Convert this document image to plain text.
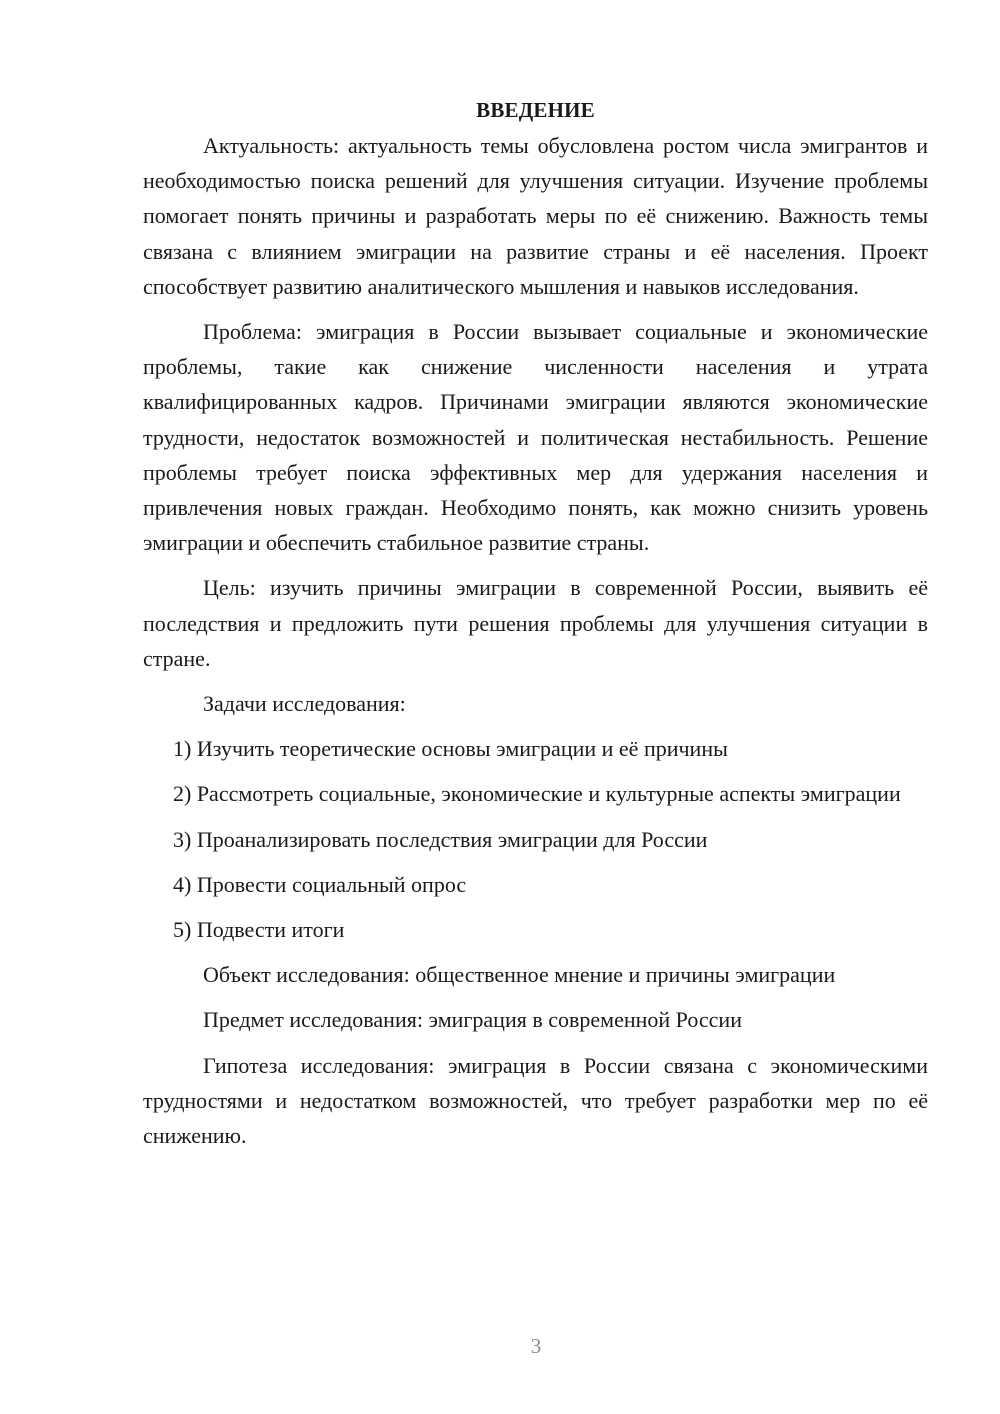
ВВЕДЕНИЕ

Актуальность: актуальность темы обусловлена ростом числа эмигрантов и необходимостью поиска решений для улучшения ситуации. Изучение проблемы помогает понять причины и разработать меры по её снижению. Важность темы связана с влиянием эмиграции на развитие страны и её населения. Проект способствует развитию аналитического мышления и навыков исследования.

Проблема: эмиграция в России вызывает социальные и экономические проблемы, такие как снижение численности населения и утрата квалифицированных кадров. Причинами эмиграции являются экономические трудности, недостаток возможностей и политическая нестабильность. Решение проблемы требует поиска эффективных мер для удержания населения и привлечения новых граждан. Необходимо понять, как можно снизить уровень эмиграции и обеспечить стабильное развитие страны.

Цель: изучить причины эмиграции в современной России, выявить её последствия и предложить пути решения проблемы для улучшения ситуации в стране.

Задачи исследования:

1) Изучить теоретические основы эмиграции и её причины

2) Рассмотреть социальные, экономические и культурные аспекты эмиграции

3) Проанализировать последствия эмиграции для России

4) Провести социальный опрос

5) Подвести итоги

Объект исследования: общественное мнение и причины эмиграции

Предмет исследования: эмиграция в современной России

Гипотеза исследования: эмиграция в России связана с экономическими трудностями и недостатком возможностей, что требует разработки мер по её снижению.

3
